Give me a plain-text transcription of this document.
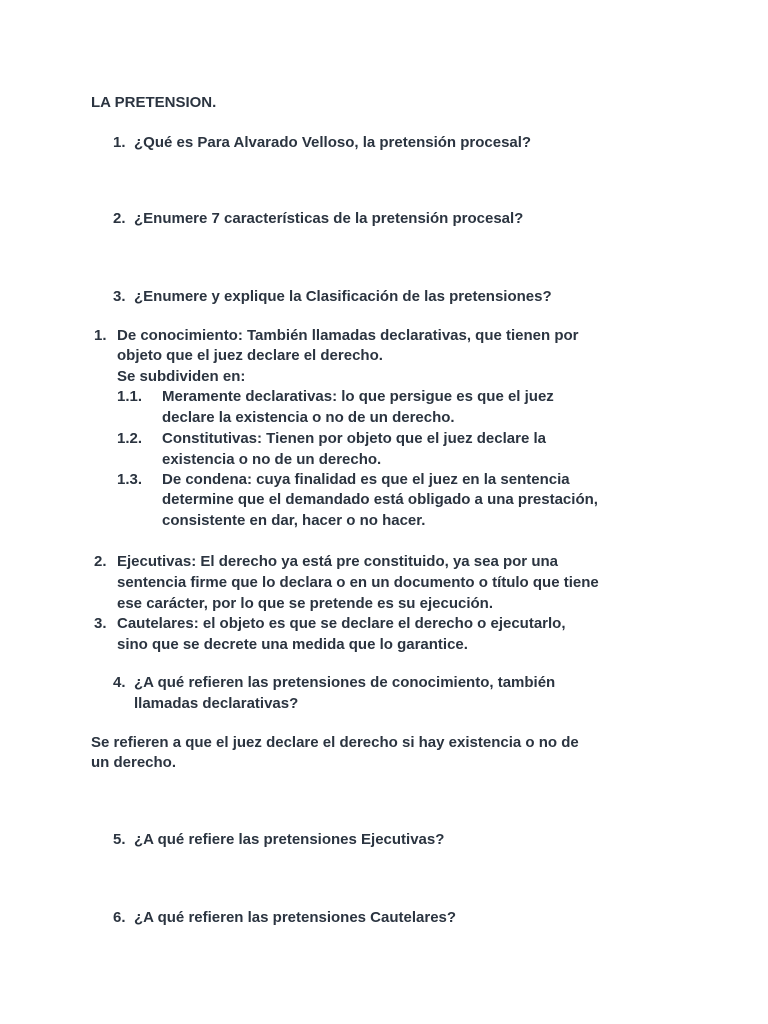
LA PRETENSION.
1. ¿Qué es Para Alvarado Velloso, la pretensión procesal?
2. ¿Enumere 7 características de la pretensión procesal?
3. ¿Enumere y explique la Clasificación de las pretensiones?
1. De conocimiento: También llamadas declarativas, que tienen por
objeto que el juez declare el derecho.
Se subdividen en:
1.1. Meramente declarativas: lo que persigue es que el juez
declare la existencia o no de un derecho.
1.2. Constitutivas: Tienen por objeto que el juez declare la
existencia o no de un derecho.
1.3. De condena: cuya finalidad es que el juez en la sentencia
determine que el demandado está obligado a una prestación,
consistente en dar, hacer o no hacer.
2. Ejecutivas: El derecho ya está pre constituido, ya sea por una
sentencia firme que lo declara o en un documento o título que tiene
ese carácter, por lo que se pretende es su ejecución.
3. Cautelares: el objeto es que se declare el derecho o ejecutarlo,
sino que se decrete una medida que lo garantice.
4. ¿A qué refieren las pretensiones de conocimiento, también
llamadas declarativas?
Se refieren a que el juez declare el derecho si hay existencia o no de
un derecho.
5. ¿A qué refiere las pretensiones Ejecutivas?
6. ¿A qué refieren las pretensiones Cautelares?
